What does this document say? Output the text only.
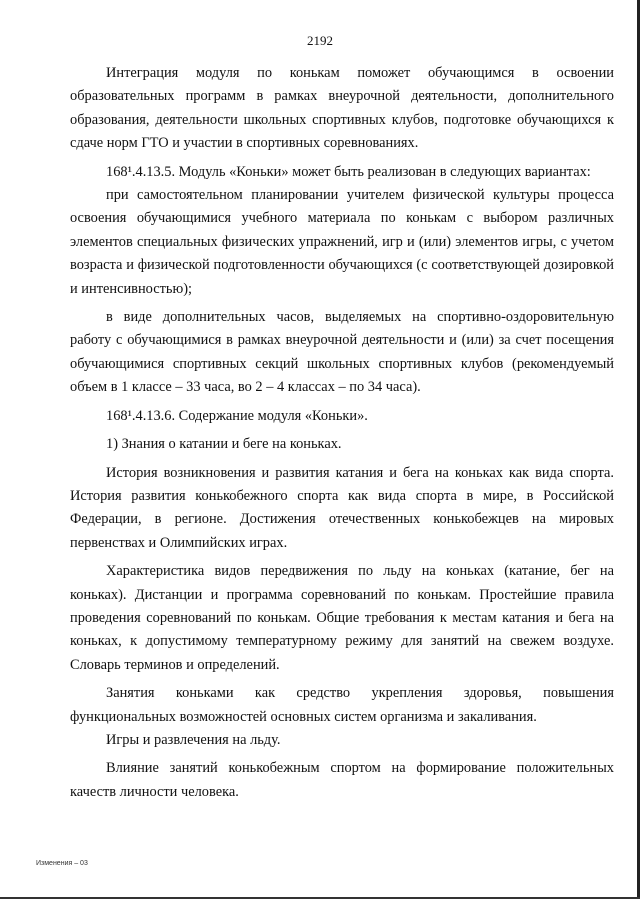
2192

Интеграция модуля по конькам поможет обучающимся в освоении образовательных программ в рамках внеурочной деятельности, дополнительного образования, деятельности школьных спортивных клубов, подготовке обучающихся к сдаче норм ГТО и участии в спортивных соревнованиях.

168¹.4.13.5. Модуль «Коньки» может быть реализован в следующих вариантах:

при самостоятельном планировании учителем физической культуры процесса освоения обучающимися учебного материала по конькам с выбором различных элементов специальных физических упражнений, игр и (или) элементов игры, с учетом возраста и физической подготовленности обучающихся (с соответствующей дозировкой и интенсивностью);

в виде дополнительных часов, выделяемых на спортивно-оздоровительную работу с обучающимися в рамках внеурочной деятельности и (или) за счет посещения обучающимися спортивных секций школьных спортивных клубов (рекомендуемый объем в 1 классе – 33 часа, во 2 – 4 классах – по 34 часа).

168¹.4.13.6. Содержание модуля «Коньки».

1) Знания о катании и беге на коньках.

История возникновения и развития катания и бега на коньках как вида спорта. История развития конькобежного спорта как вида спорта в мире, в Российской Федерации, в регионе. Достижения отечественных конькобежцев на мировых первенствах и Олимпийских играх.

Характеристика видов передвижения по льду на коньках (катание, бег на коньках). Дистанции и программа соревнований по конькам. Простейшие правила проведения соревнований по конькам. Общие требования к местам катания и бега на коньках, к допустимому температурному режиму для занятий на свежем воздухе. Словарь терминов и определений.

Занятия коньками как средство укрепления здоровья, повышения функциональных возможностей основных систем организма и закаливания.

Игры и развлечения на льду.

Влияние занятий конькобежным спортом на формирование положительных качеств личности человека.

Изменения – 03
